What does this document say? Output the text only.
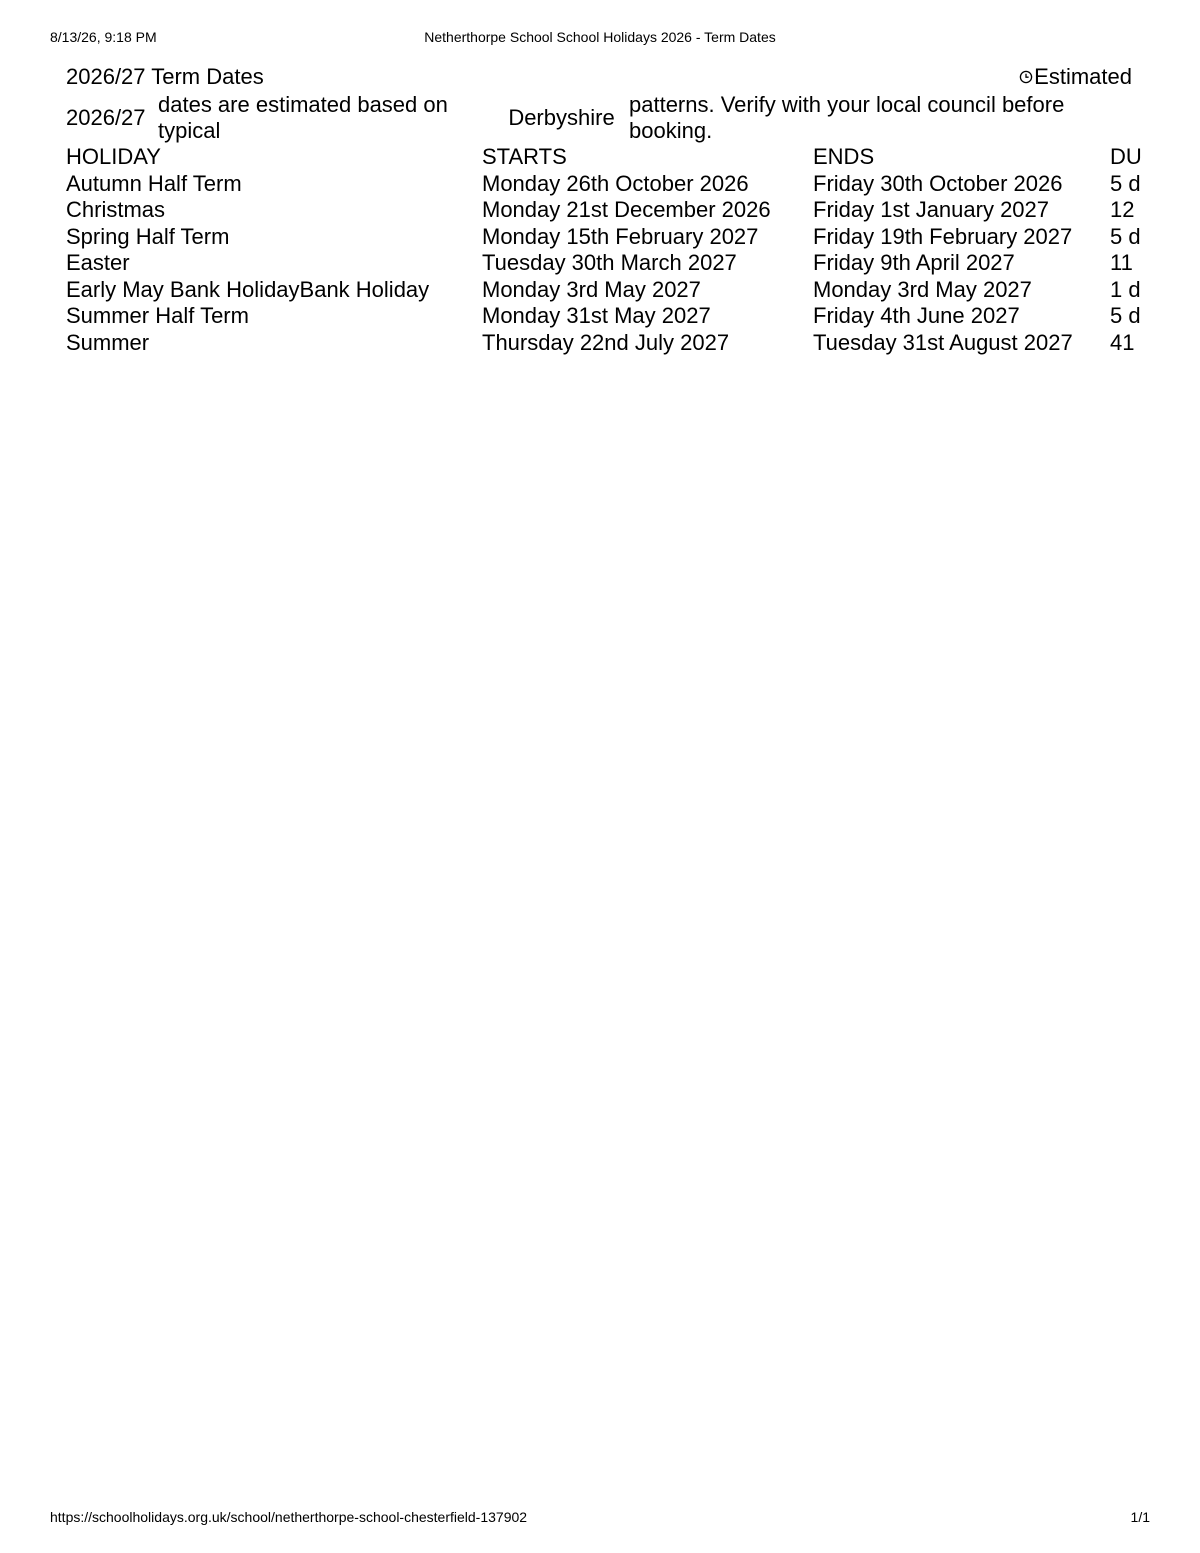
8/13/26, 9:18 PM	Netherthorpe School School Holidays 2026 - Term Dates
2026/27 Term Dates	Estimated
2026/27
dates are estimated based on typical
Derbyshire
patterns. Verify with your local council before booking.
HOLIDAY	STARTS	ENDS	DU
Autumn Half Term	Monday 26th October 2026	Friday 30th October 2026	5 d
Christmas	Monday 21st December 2026	Friday 1st January 2027	12
Spring Half Term	Monday 15th February 2027	Friday 19th February 2027	5 d
Easter	Tuesday 30th March 2027	Friday 9th April 2027	11
Early May Bank HolidayBank Holiday	Monday 3rd May 2027	Monday 3rd May 2027	1 d
Summer Half Term	Monday 31st May 2027	Friday 4th June 2027	5 d
Summer	Thursday 22nd July 2027	Tuesday 31st August 2027	41
https://schoolholidays.org.uk/school/netherthorpe-school-chesterfield-137902	1/1
